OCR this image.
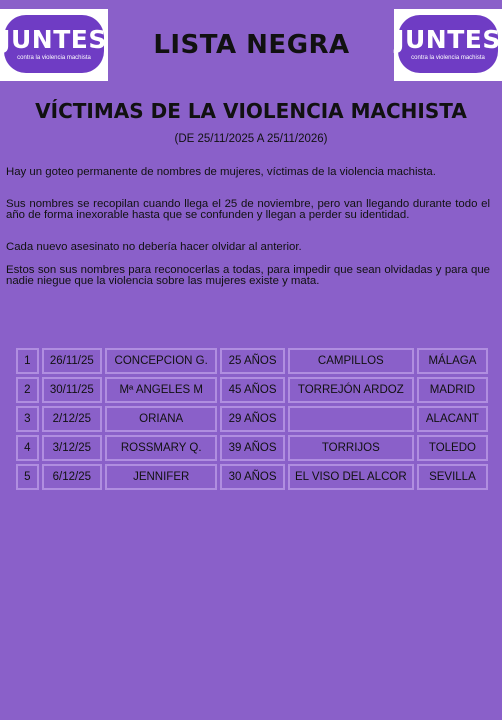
JUNTES
contra la violencia machista LISTA NEGRA JUNTES
contra la violencia machista
VÍCTIMAS DE LA VIOLENCIA MACHISTA
(DE 25/11/2025 A 25/11/2026)

Hay un goteo permanente de nombres de mujeres, víctimas de la violencia machista.

Sus nombres se recopilan cuando llega el 25 de noviembre, pero van llegando durante todo el año de forma inexorable hasta que se confunden y llegan a perder su identidad.

Cada nuevo asesinato no debería hacer olvidar al anterior.

Estos son sus nombres para reconocerlas a todas, para impedir que sean olvidadas y para que nadie niegue que la violencia sobre las mujeres existe y mata.

1	26/11/25	CONCEPCION G.	25 AÑOS	CAMPILLOS	MÁLAGA
2	30/11/25	Mª ANGELES M	45 AÑOS	TORREJÓN ARDOZ	MADRID
3	2/12/25	ORIANA	29 AÑOS		ALACANT
4	3/12/25	ROSSMARY Q.	39 AÑOS	TORRIJOS	TOLEDO
5	6/12/25	JENNIFER	30 AÑOS	EL VISO DEL ALCOR	SEVILLA
